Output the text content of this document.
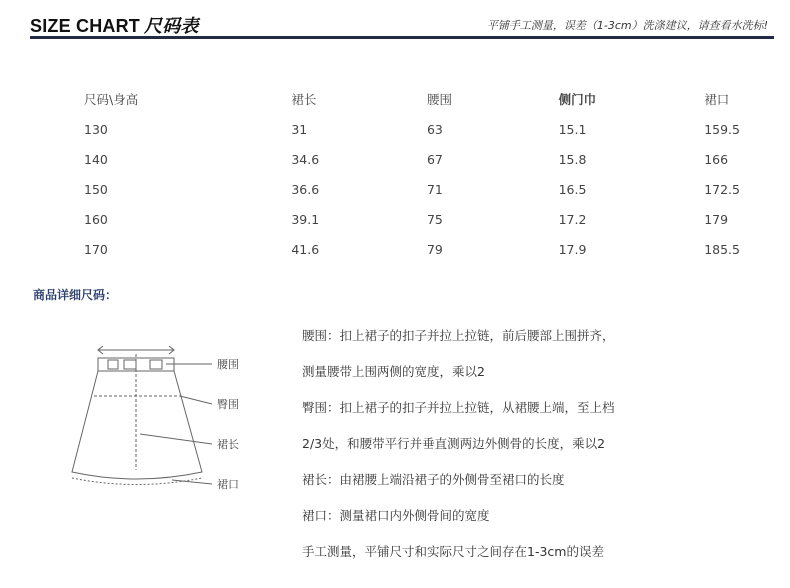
SIZE CHART 尺码表	平铺手工测量，误差（1-3cm）洗涤建议，请查看水洗标!
尺码\身高	裙长	腰围	侧门巾	裙口
130	31	63	15.1	159.5
140	34.6	67	15.8	166
150	36.6	71	16.5	172.5
160	39.1	75	17.2	179
170	41.6	79	17.9	185.5
商品详细尺码：
腰围
臀围
裙长
裙口
腰围：扣上裙子的扣子并拉上拉链，前后腰部上围拼齐，
测量腰带上围两侧的宽度，乘以2
臀围：扣上裙子的扣子并拉上拉链，从裙腰上端，至上档
2/3处，和腰带平行并垂直测两边外侧骨的长度，乘以2
裙长：由裙腰上端沿裙子的外侧骨至裙口的长度
裙口：测量裙口内外侧骨间的宽度
手工测量，平铺尺寸和实际尺寸之间存在1-3cm的误差
